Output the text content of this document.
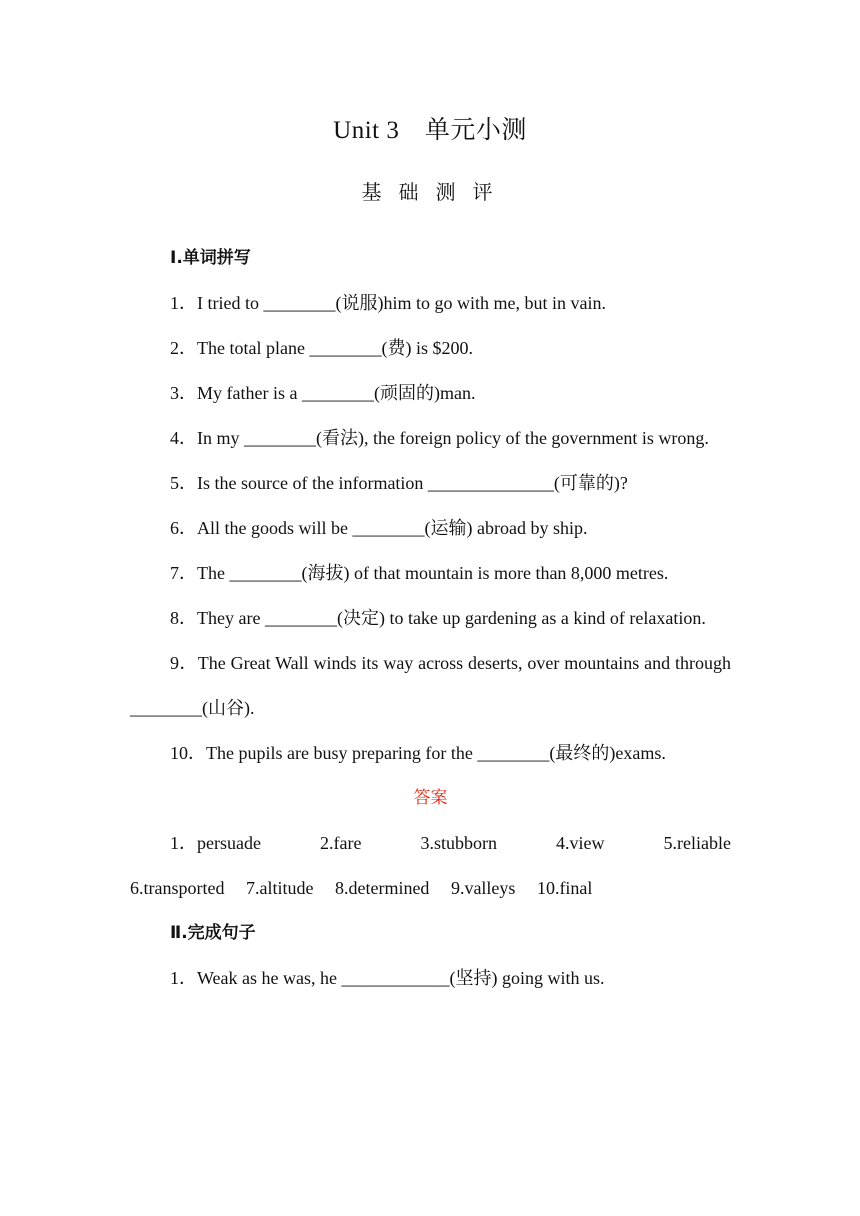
Unit 3　单元小测
基 础 测 评
Ⅰ.单词拼写
1．I tried to ________(说服)him to go with me, but in vain.
2．The total plane ________(费) is $200.
3．My father is a ________(顽固的)man.
4．In my ________(看法), the foreign policy of the government is wrong.
5．Is the source of the information ______________(可靠的)?
6．All the goods will be ________(运输) abroad by ship.
7．The ________(海拔) of that mountain is more than 8,000 metres.
8．They are ________(决定) to take up gardening as a kind of relaxation.
9．The Great Wall winds its way across deserts, over mountains and through ________(山谷).
10．The pupils are busy preparing for the ________(最终的)exams.
答案
1．persuade	2.fare	3.stubborn	4.view	5.reliable
6.transported 7.altitude 8.determined 9.valleys 10.final
Ⅱ.完成句子
1．Weak as he was, he ____________(坚持) going with us.
